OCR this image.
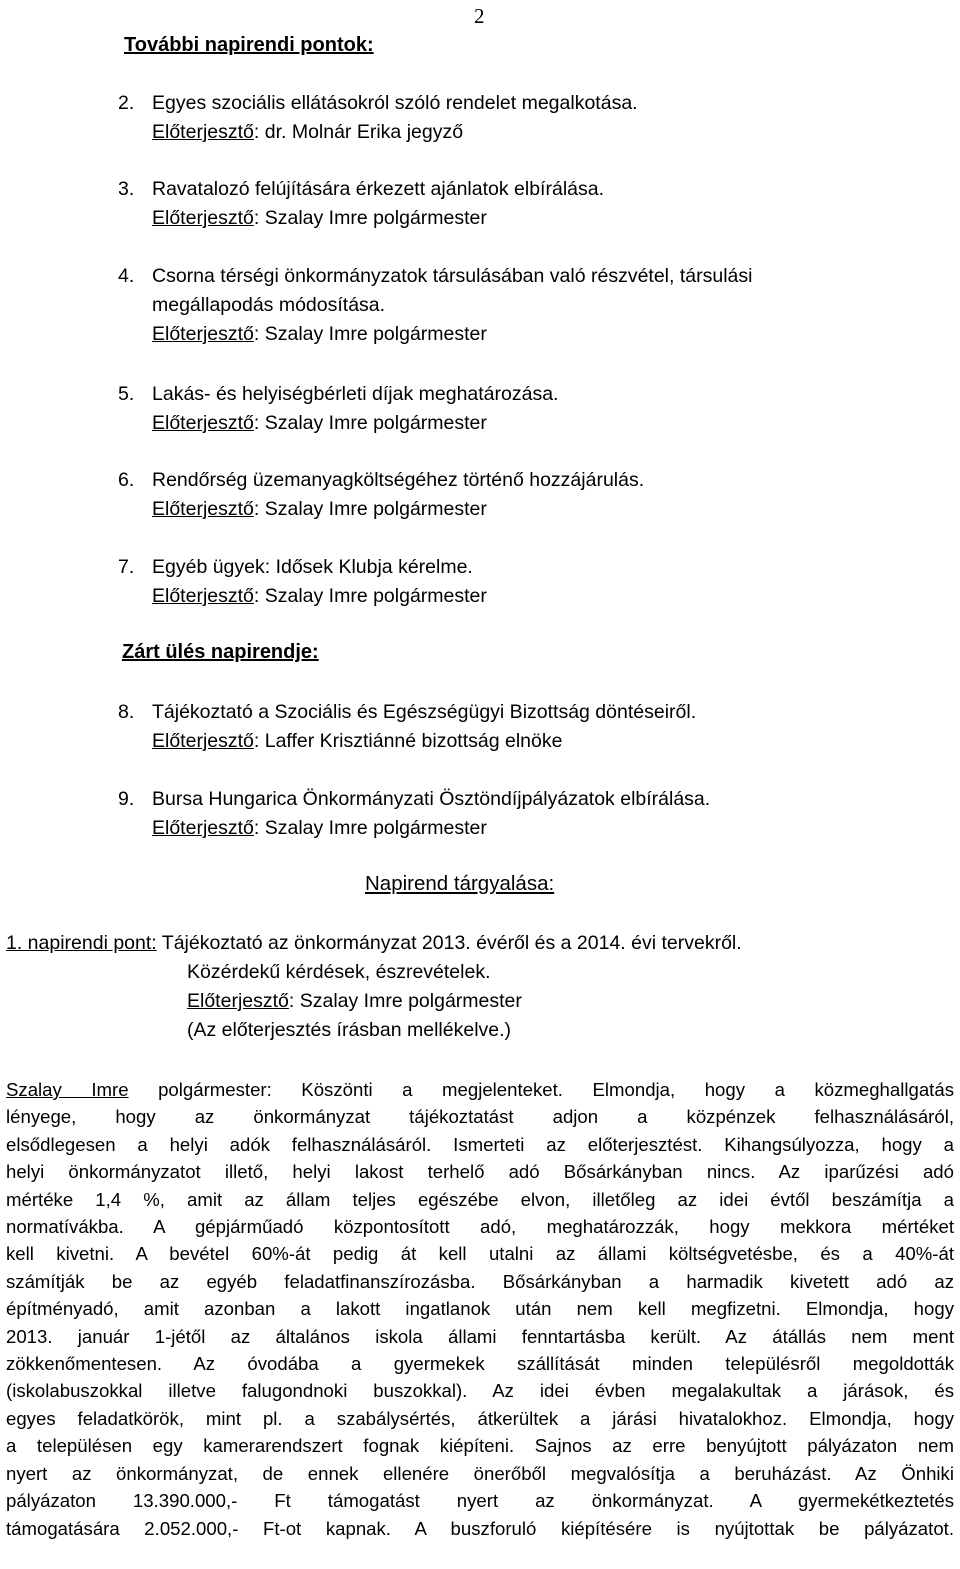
2
További napirendi pontok:
2. Egyes szociális ellátásokról szóló rendelet megalkotása.
Előterjesztő: dr. Molnár Erika jegyző
3. Ravatalozó felújítására érkezett ajánlatok elbírálása.
Előterjesztő: Szalay Imre polgármester
4. Csorna térségi önkormányzatok társulásában való részvétel, társulási
megállapodás módosítása.
Előterjesztő: Szalay Imre polgármester
5. Lakás- és helyiségbérleti díjak meghatározása.
Előterjesztő: Szalay Imre polgármester
6. Rendőrség üzemanyagköltségéhez történő hozzájárulás.
Előterjesztő: Szalay Imre polgármester
7. Egyéb ügyek: Idősek Klubja kérelme.
Előterjesztő: Szalay Imre polgármester
Zárt ülés napirendje:
8. Tájékoztató a Szociális és Egészségügyi Bizottság döntéseiről.
Előterjesztő: Laffer Krisztiánné bizottság elnöke
9. Bursa Hungarica Önkormányzati Ösztöndíjpályázatok elbírálása.
Előterjesztő: Szalay Imre polgármester
Napirend tárgyalása:
1. napirendi pont: Tájékoztató az önkormányzat 2013. évéről és a 2014. évi tervekről.
Közérdekű kérdések, észrevételek.
Előterjesztő: Szalay Imre polgármester
(Az előterjesztés írásban mellékelve.)
Szalay Imre polgármester: Köszönti a megjelenteket. Elmondja, hogy a közmeghallgatás
lényege, hogy az önkormányzat tájékoztatást adjon a közpénzek felhasználásáról,
elsődlegesen a helyi adók felhasználásáról. Ismerteti az előterjesztést. Kihangsúlyozza, hogy a
helyi önkormányzatot illető, helyi lakost terhelő adó Bősárkányban nincs. Az iparűzési adó
mértéke 1,4 %, amit az állam teljes egészébe elvon, illetőleg az idei évtől beszámítja a
normatívákba. A gépjárműadó központosított adó, meghatározzák, hogy mekkora mértéket
kell kivetni. A bevétel 60%-át pedig át kell utalni az állami költségvetésbe, és a 40%-át
számítják be az egyéb feladatfinanszírozásba. Bősárkányban a harmadik kivetett adó az
építményadó, amit azonban a lakott ingatlanok után nem kell megfizetni. Elmondja, hogy
2013. január 1-jétől az általános iskola állami fenntartásba került. Az átállás nem ment
zökkenőmentesen. Az óvodába a gyermekek szállítását minden településről megoldották
(iskolabuszokkal illetve falugondnoki buszokkal). Az idei évben megalakultak a járások, és
egyes feladatkörök, mint pl. a szabálysértés, átkerültek a járási hivatalokhoz. Elmondja, hogy
a településen egy kamerarendszert fognak kiépíteni. Sajnos az erre benyújtott pályázaton nem
nyert az önkormányzat, de ennek ellenére önerőből megvalósítja a beruházást. Az Önhiki
pályázaton 13.390.000,- Ft támogatást nyert az önkormányzat. A gyermekétkeztetés
támogatására 2.052.000,- Ft-ot kapnak. A buszforuló kiépítésére is nyújtottak be pályázatot.
